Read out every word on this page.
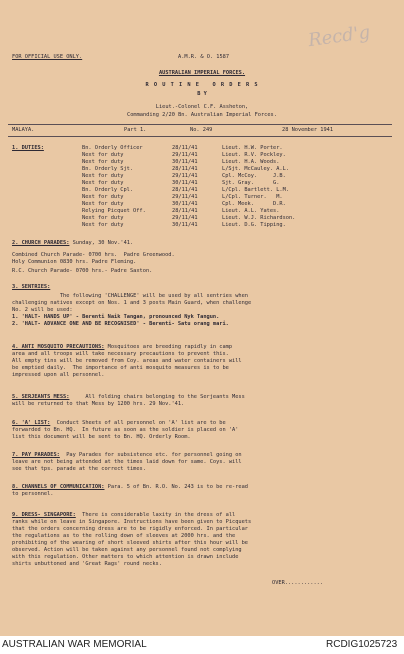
Recd'g
FOR OFFICIAL USE ONLY.	A.M.R. & O. 1587
AUSTRALIAN IMPERIAL FORCES.
R O U T I N E   O R D E R S
B Y
Lieut.-Colonel C.F. Assheton,
Commanding 2/20 Bn. Australian Imperial Forces.
MALAYA.	Part 1.	No. 249	28 November 1941
1. DUTIES:	Bn. Orderly Officer	28/11/41	Lieut. H.W. Porter.
Next for duty	29/11/41	Lieut. R.V. Pockley.
Next for duty	30/11/41	Lieut. H.A. Woods.
Bn. Orderly Sjt.	28/11/41	L/Sjt. McCauley. A.L.
Next for duty	29/11/41	Cpl. McCoy.     J.B.
Next for duty	30/11/41	Sjt. Gray.      G.
Bn. Orderly Cpl.	28/11/41	L/Cpl. Bartlett. L.M.
Next for duty	29/11/41	L/Cpl. Turner.   M.
Next for duty	30/11/41	Cpl. Meek.      D.R.
Relying Picquet Off.	28/11/41	Lieut. A.L. Yates.
Next for duty	29/11/41	Lieut. W.J. Richardson.
Next for duty	30/11/41	Lieut. D.G. Tipping.
2. CHURCH PARADES: Sunday, 30 Nov.'41.
Combined Church Parade- 0700 hrs.  Padre Greenwood.
Holy Communion 0830 hrs. Padre Fleming.
R.C. Church Parade- 0700 hrs.- Padre Saxton.
3. SENTRIES:
The following 'CHALLENGE' will be used by all sentries when
challenging natives except on Nos. 1 and 3 posts Main Guard, when challenge
No. 2 will be used:
1. 'HALT- HANDS UP' - Berenti Naik Tangan, pronounced Nyk Tangun.
2. 'HALT- ADVANCE ONE AND BE RECOGNISED' - Berenti- Satu orang mari.
4. ANTI MOSQUITO PRECAUTIONS: Mosquitoes are breeding rapidly in camp
area and all troops will take necessary precautions to prevent this.
All empty tins will be removed from Coy. areas and water containers will
be emptied daily.  The importance of anti mosquito measures is to be
impressed upon all personnel.
5. SERJEANTS MESS:     All folding chairs belonging to the Serjeants Mess
will be returned to that Mess by 1200 hrs. 29 Nov.'41.
6. 'A' LIST:  Conduct Sheets of all personnel on 'A' list are to be
forwarded to Bn. HQ.  In future as soon as the soldier is placed on 'A'
list this document will be sent to Bn. HQ. Orderly Room.
7. PAY PARADES:  Pay Parades for subsistence etc. for personnel going on
leave are not being attended at the times laid down for same. Coys. will
see that tps. parade at the correct times.
8. CHANNELS OF COMMUNICATION: Para. 5 of Bn. R.O. No. 243 is to be re-read
to personnel.
9. DRESS- SINGAPORE:  There is considerable laxity in the dress of all
ranks while on leave in Singapore. Instructions have been given to Picquets
that the orders concerning dress are to be rigidly enforced. In particular
the regulations as to the rolling down of sleeves at 2000 hrs. and the
prohibiting of the wearing of short sleeved shirts after this hour will be
observed. Action will be taken against any personnel found not complying
with this regulation. Other matters to which attention is drawn include
shirts unbuttoned and 'Great Rags' round necks.
OVER............
AUSTRALIAN WAR MEMORIAL	RCDIG1025723
